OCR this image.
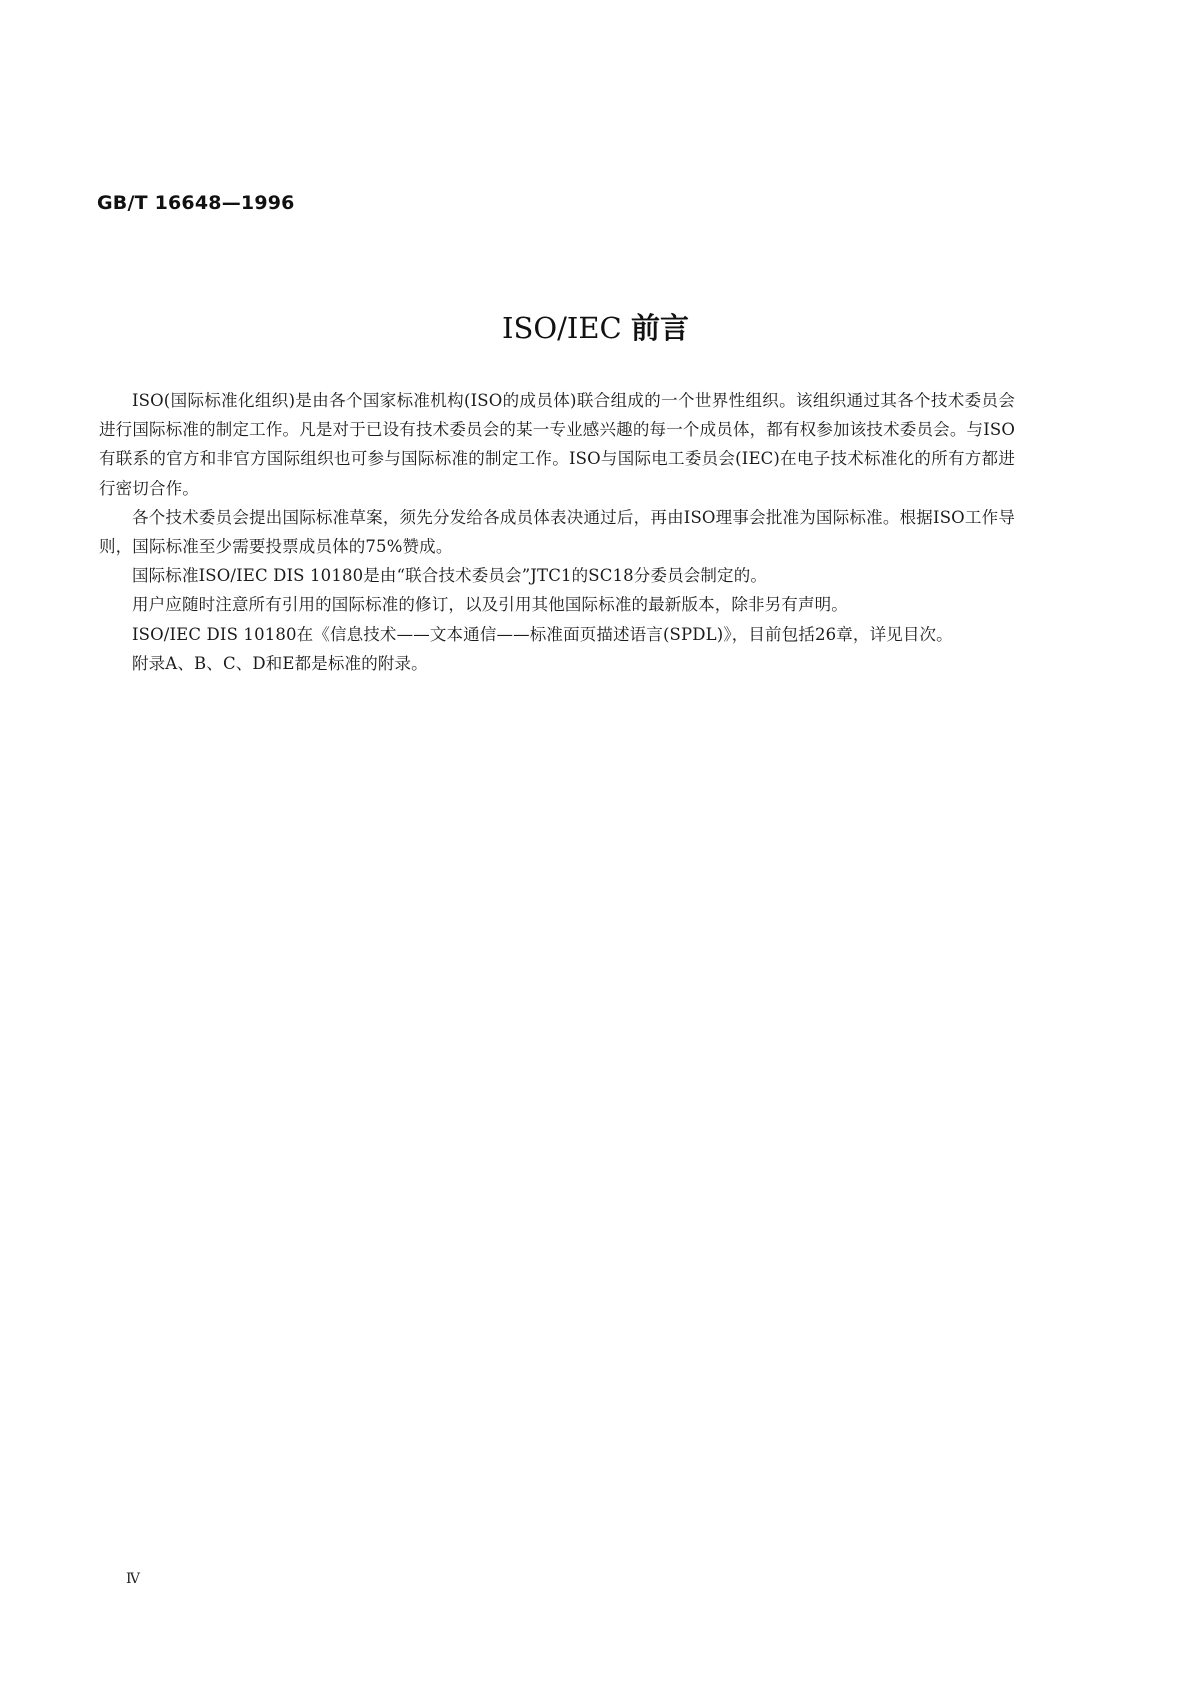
GB/T 16648—1996
ISO/IEC 前言

ISO(国际标准化组织)是由各个国家标准机构(ISO的成员体)联合组成的一个世界性组织。该组织通过其各个技术委员会进行国际标准的制定工作。凡是对于已设有技术委员会的某一专业感兴趣的每一个成员体，都有权参加该技术委员会。与ISO有联系的官方和非官方国际组织也可参与国际标准的制定工作。ISO与国际电工委员会(IEC)在电子技术标准化的所有方都进行密切合作。

各个技术委员会提出国际标准草案，须先分发给各成员体表决通过后，再由ISO理事会批准为国际标准。根据ISO工作导则，国际标准至少需要投票成员体的75%赞成。

国际标准ISO/IEC DIS 10180是由“联合技术委员会”JTC1的SC18分委员会制定的。

用户应随时注意所有引用的国际标准的修订，以及引用其他国际标准的最新版本，除非另有声明。

ISO/IEC DIS 10180在《信息技术——文本通信——标准面页描述语言(SPDL)》，目前包括26章，详见目次。

附录A、B、C、D和E都是标准的附录。

Ⅳ
